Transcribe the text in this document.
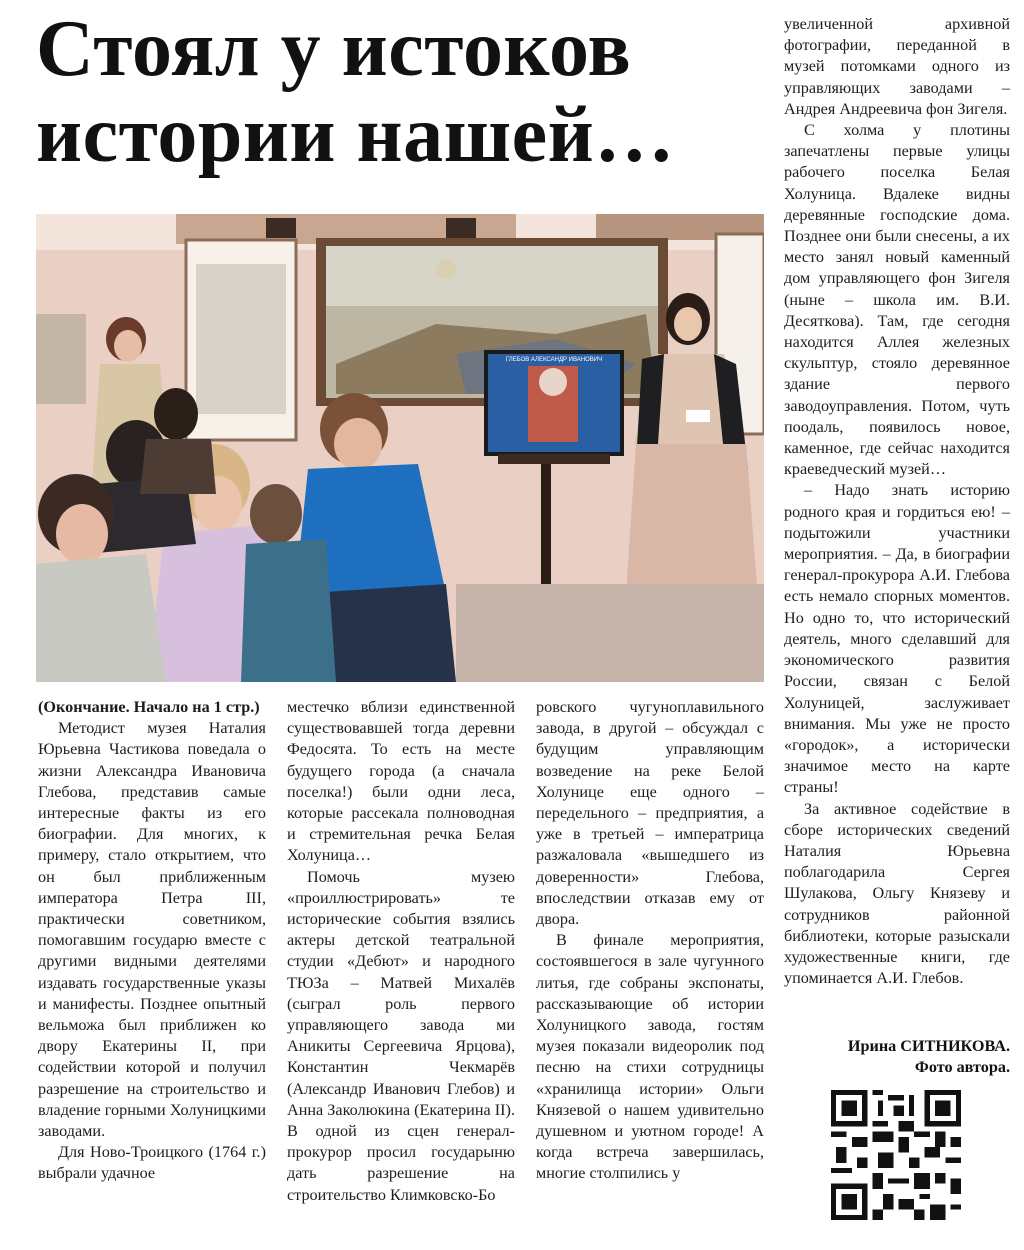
Стоял у истоков истории нашей…
ГЛЕБОВ АЛЕКСАНДР ИВАНОВИЧ

(Окончание. Начало на 1 стр.)

Методист музея Наталия Юрьевна Частикова поведала о жизни Александра Ивановича Глебова, представив самые интересные факты из его биографии. Для многих, к примеру, стало открытием, что он был приближенным императора Петра III, практически советником, помогавшим государю вместе с другими видными деятелями издавать государственные указы и манифесты. Позднее опытный вельможа был приближен ко двору Екатерины II, при содействии которой и получил разрешение на строительство и владение горными Холуницкими заводами.

Для Ново-Троицкого (1764 г.) выбрали удачное

местечко вблизи единственной существовавшей тогда деревни Федосята. То есть на месте будущего города (а сначала поселка!) были одни леса, которые рассекала полноводная и стремительная речка Белая Холуница…

Помочь музею «проиллюстрировать» те исторические события взялись актеры детской театральной студии «Дебют» и народного ТЮЗа – Матвей Михалёв (сыграл роль первого управляющего завода ми Аникиты Сергеевича Ярцова), Константин Чекмарёв (Александр Иванович Глебов) и Анна Заколюкина (Екатерина II). В одной из сцен генерал-прокурор просил государыню дать разрешение на строительство Климковско-Бо

ровского чугуноплавильного завода, в другой – обсуждал с будущим управляющим возведение на реке Белой Холунице еще одного – передельного – предприятия, а уже в третьей – императрица разжаловала «вышедшего из доверенности» Глебова, впоследствии отказав ему от двора.

В финале мероприятия, состоявшегося в зале чугунного литья, где собраны экспонаты, рассказывающие об истории Холуницкого завода, гостям музея показали видеоролик под песню на стихи сотрудницы «хранилища истории» Ольги Князевой о нашем удивительно душевном и уютном городе! А когда встреча завершилась, многие столпились у

увеличенной архивной фотографии, переданной в музей потомками одного из управляющих заводами – Андрея Андреевича фон Зигеля.

С холма у плотины запечатлены первые улицы рабочего поселка Белая Холуница. Вдалеке видны деревянные господские дома. Позднее они были снесены, а их место занял новый каменный дом управляющего фон Зигеля (ныне – школа им. В.И. Десяткова). Там, где сегодня находится Аллея железных скульптур, стояло деревянное здание первого заводоуправления. Потом, чуть поодаль, появилось новое, каменное, где сейчас находится краеведческий музей…

– Надо знать историю родного края и гордиться ею! – подытожили участники мероприятия. – Да, в биографии генерал-прокурора А.И. Глебова есть немало спорных моментов. Но одно то, что исторический деятель, много сделавший для экономического развития России, связан с Белой Холуницей, заслуживает внимания. Мы уже не просто «городок», а исторически значимое место на карте страны!

За активное содействие в сборе исторических сведений Наталия Юрьевна поблагодарила Сергея Шулакова, Ольгу Князеву и сотрудников районной библиотеки, которые разыскали художественные книги, где упоминается А.И. Глебов.

Ирина СИТНИКОВА.
Фото автора.
